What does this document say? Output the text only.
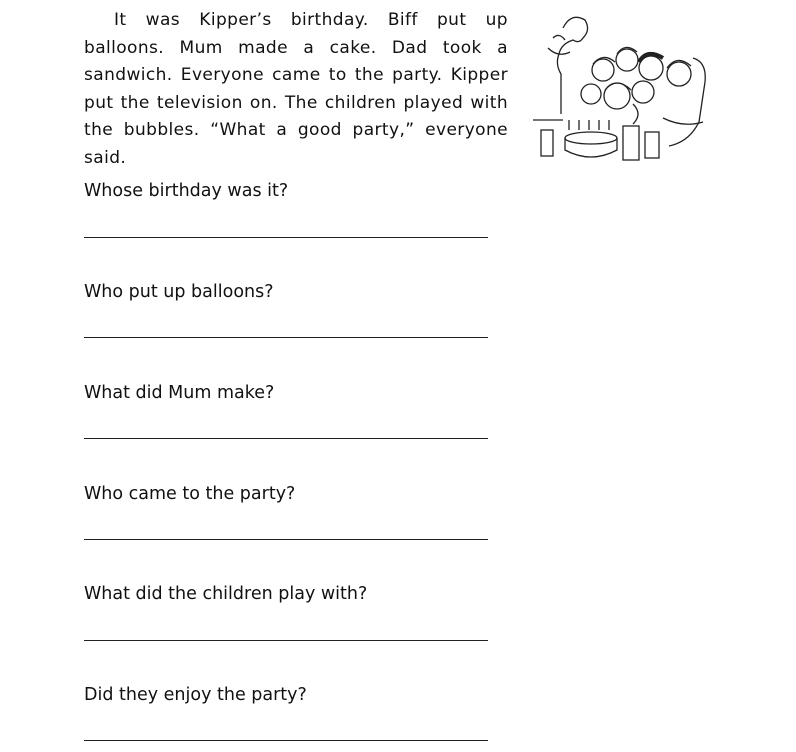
It was Kipper’s birthday. Biff put up balloons. Mum made a cake. Dad took a sandwich. Everyone came to the party. Kipper put the television on. The children played with the bubbles. “What a good party,” everyone said.

Whose birthday was it?
Who put up balloons?
What did Mum make?
Who came to the party?
What did the children play with?
Did they enjoy the party?
